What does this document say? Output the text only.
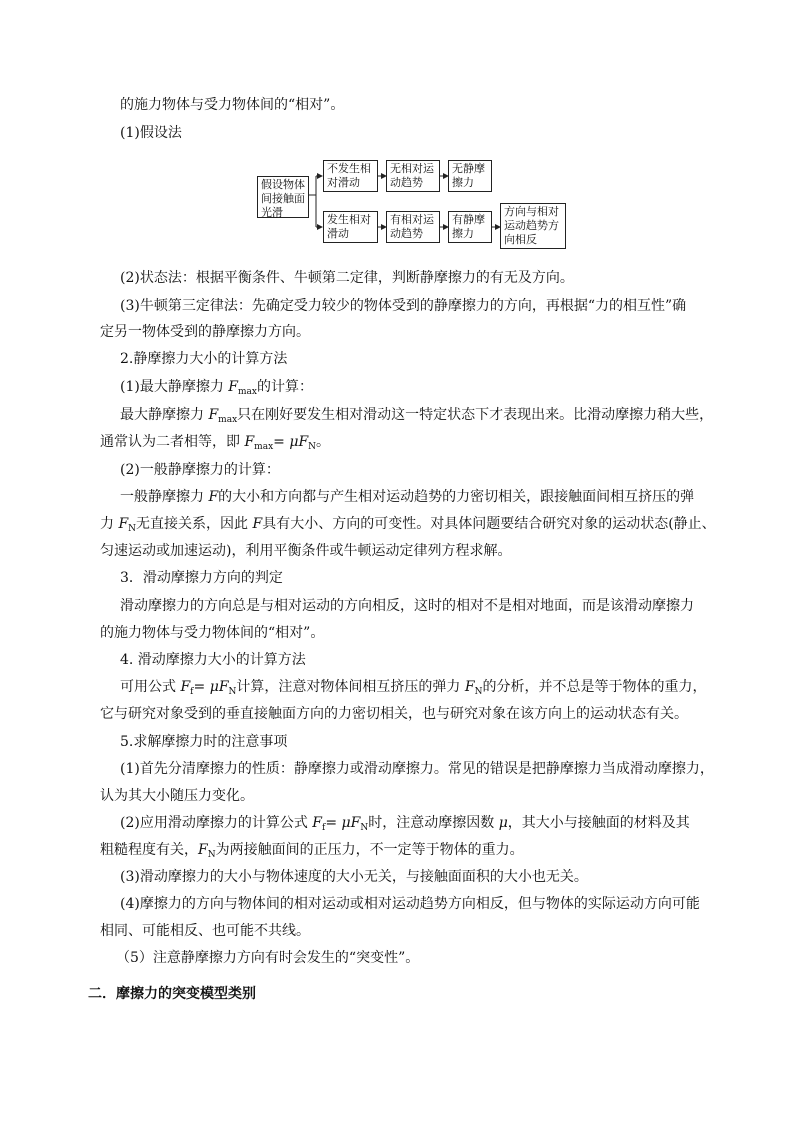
的施力物体与受力物体间的“相对”。
(1)假设法
假设物体间接触面光滑
不发生相对滑动
无相对运动趋势
无静摩擦力
发生相对滑动
有相对运动趋势
有静摩擦力
方向与相对运动趋势方向相反
(2)状态法：根据平衡条件、牛顿第二定律，判断静摩擦力的有无及方向。
(3)牛顿第三定律法：先确定受力较少的物体受到的静摩擦力的方向，再根据“力的相互性”确
定另一物体受到的静摩擦力方向。
2.静摩擦力大小的计算方法
(1)最大静摩擦力 $F_{max}$的计算：
最大静摩擦力 $F_{max}$只在刚好要发生相对滑动这一特定状态下才表现出来。比滑动摩擦力稍大些，
通常认为二者相等，即 $F_{max}= \mu F_N$。
(2)一般静摩擦力的计算：
一般静摩擦力 F的大小和方向都与产生相对运动趋势的力密切相关，跟接触面间相互挤压的弹
力 $F_N$无直接关系，因此 F具有大小、方向的可变性。对具体问题要结合研究对象的运动状态(静止、
匀速运动或加速运动)，利用平衡条件或牛顿运动定律列方程求解。
3．滑动摩擦力方向的判定
滑动摩擦力的方向总是与相对运动的方向相反，这时的相对不是相对地面，而是该滑动摩擦力
的施力物体与受力物体间的“相对”。
4. 滑动摩擦力大小的计算方法
可用公式 $F_f= \mu F_N$计算，注意对物体间相互挤压的弹力 $F_N$的分析，并不总是等于物体的重力，
它与研究对象受到的垂直接触面方向的力密切相关，也与研究对象在该方向上的运动状态有关。
5.求解摩擦力时的注意事项
(1)首先分清摩擦力的性质：静摩擦力或滑动摩擦力。常见的错误是把静摩擦力当成滑动摩擦力，
认为其大小随压力变化。
(2)应用滑动摩擦力的计算公式 $F_f= \mu F_N$时，注意动摩擦因数 μ，其大小与接触面的材料及其
粗糙程度有关，$F_N$为两接触面间的正压力，不一定等于物体的重力。
(3)滑动摩擦力的大小与物体速度的大小无关，与接触面面积的大小也无关。
(4)摩擦力的方向与物体间的相对运动或相对运动趋势方向相反，但与物体的实际运动方向可能
相同、可能相反、也可能不共线。
（5）注意静摩擦力方向有时会发生的“突变性”。
二．摩擦力的突变模型类别
